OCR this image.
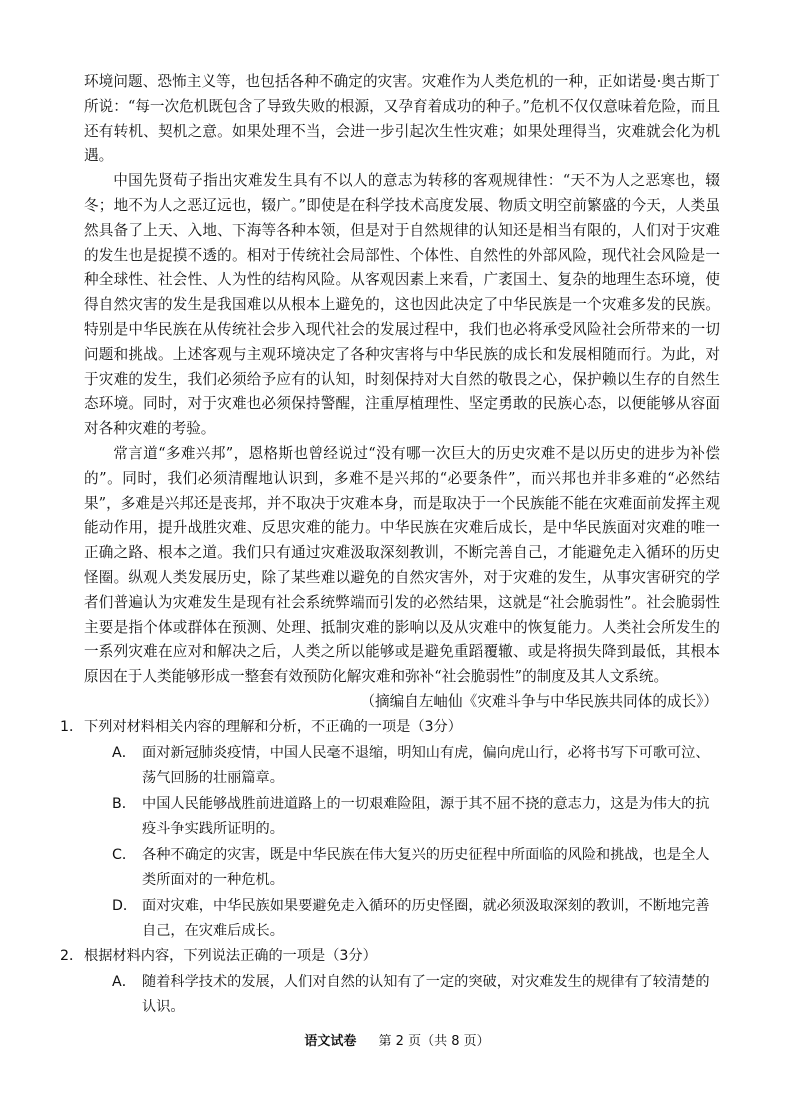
环境问题、恐怖主义等，也包括各种不确定的灾害。灾难作为人类危机的一种，正如诺曼·奥古斯丁所说：“每一次危机既包含了导致失败的根源，又孕育着成功的种子。”危机不仅仅意味着危险，而且还有转机、契机之意。如果处理不当，会进一步引起次生性灾难；如果处理得当，灾难就会化为机遇。

中国先贤荀子指出灾难发生具有不以人的意志为转移的客观规律性：“天不为人之恶寒也，辍冬；地不为人之恶辽远也，辍广。”即使是在科学技术高度发展、物质文明空前繁盛的今天，人类虽然具备了上天、入地、下海等各种本领，但是对于自然规律的认知还是相当有限的，人们对于灾难的发生也是捉摸不透的。相对于传统社会局部性、个体性、自然性的外部风险，现代社会风险是一种全球性、社会性、人为性的结构风险。从客观因素上来看，广袤国土、复杂的地理生态环境，使得自然灾害的发生是我国难以从根本上避免的，这也因此决定了中华民族是一个灾难多发的民族。特别是中华民族在从传统社会步入现代社会的发展过程中，我们也必将承受风险社会所带来的一切问题和挑战。上述客观与主观环境决定了各种灾害将与中华民族的成长和发展相随而行。为此，对于灾难的发生，我们必须给予应有的认知，时刻保持对大自然的敬畏之心，保护赖以生存的自然生态环境。同时，对于灾难也必须保持警醒，注重厚植理性、坚定勇敢的民族心态，以便能够从容面对各种灾难的考验。

常言道“多难兴邦”，恩格斯也曾经说过“没有哪一次巨大的历史灾难不是以历史的进步为补偿的”。同时，我们必须清醒地认识到，多难不是兴邦的“必要条件”，而兴邦也并非多难的“必然结果”，多难是兴邦还是丧邦，并不取决于灾难本身，而是取决于一个民族能不能在灾难面前发挥主观能动作用，提升战胜灾难、反思灾难的能力。中华民族在灾难后成长，是中华民族面对灾难的唯一正确之路、根本之道。我们只有通过灾难汲取深刻教训，不断完善自己，才能避免走入循环的历史怪圈。纵观人类发展历史，除了某些难以避免的自然灾害外，对于灾难的发生，从事灾害研究的学者们普遍认为灾难发生是现有社会系统弊端而引发的必然结果，这就是“社会脆弱性”。社会脆弱性主要是指个体或群体在预测、处理、抵制灾难的影响以及从灾难中的恢复能力。人类社会所发生的一系列灾难在应对和解决之后，人类之所以能够或是避免重蹈覆辙、或是将损失降到最低，其根本原因在于人类能够形成一整套有效预防化解灾难和弥补“社会脆弱性”的制度及其人文系统。

（摘编自左岫仙《灾难斗争与中华民族共同体的成长》）

1． 下列对材料相关内容的理解和分析，不正确的一项是（3分）
A． 面对新冠肺炎疫情，中国人民毫不退缩，明知山有虎，偏向虎山行，必将书写下可歌可泣、荡气回肠的壮丽篇章。
B． 中国人民能够战胜前进道路上的一切艰难险阻，源于其不屈不挠的意志力，这是为伟大的抗疫斗争实践所证明的。
C． 各种不确定的灾害，既是中华民族在伟大复兴的历史征程中所面临的风险和挑战，也是全人类所面对的一种危机。
D． 面对灾难，中华民族如果要避免走入循环的历史怪圈，就必须汲取深刻的教训，不断地完善自己，在灾难后成长。
2． 根据材料内容，下列说法正确的一项是（3分）
A． 随着科学技术的发展，人们对自然的认知有了一定的突破，对灾难发生的规律有了较清楚的认识。
语文试卷 第 2 页（共 8 页）
